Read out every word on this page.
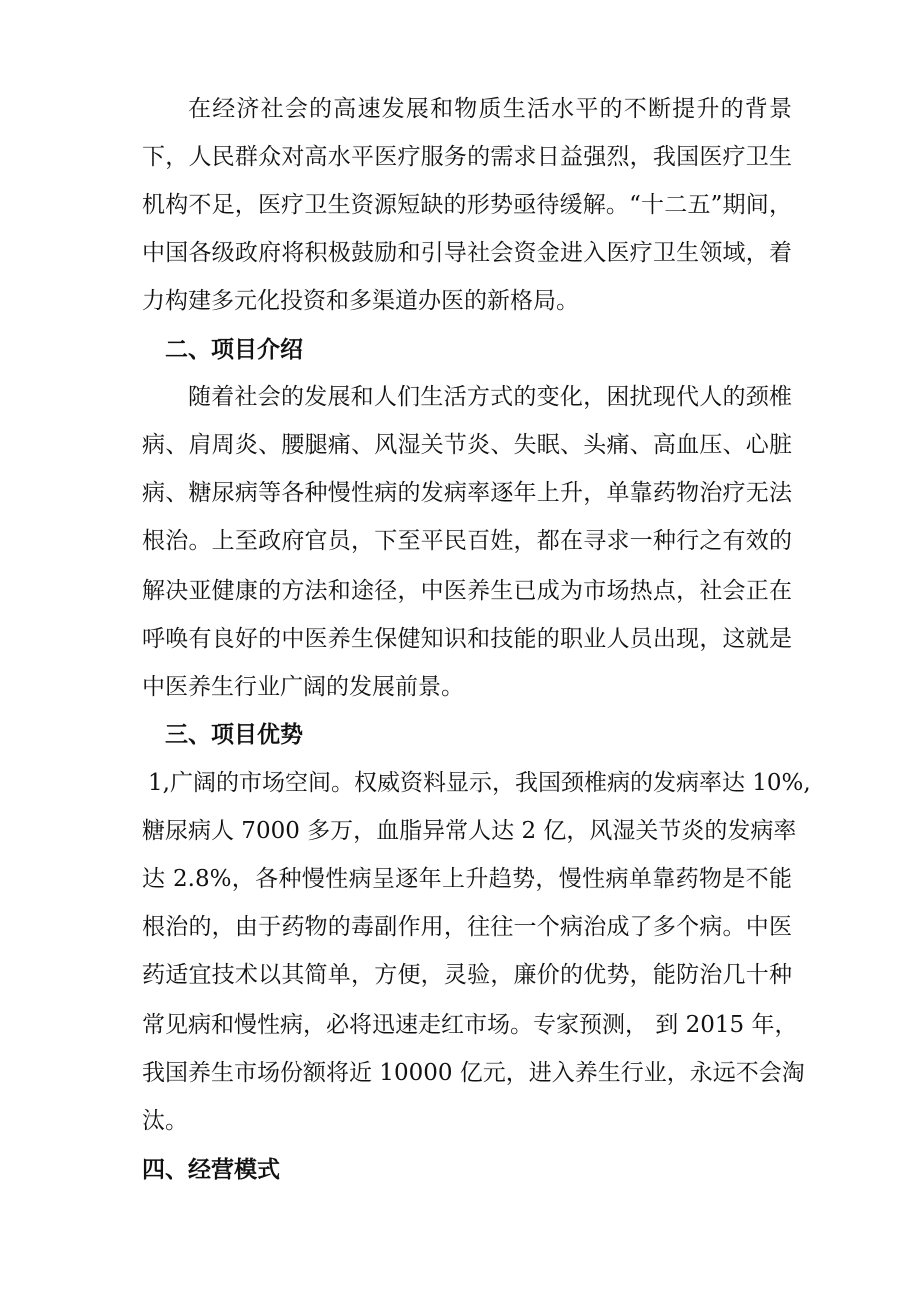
在经济社会的高速发展和物质生活水平的不断提升的背景
下，人民群众对高水平医疗服务的需求日益强烈，我国医疗卫生
机构不足，医疗卫生资源短缺的形势亟待缓解。“十二五”期间，
中国各级政府将积极鼓励和引导社会资金进入医疗卫生领域，着
力构建多元化投资和多渠道办医的新格局。
二、项目介绍
随着社会的发展和人们生活方式的变化，困扰现代人的颈椎
病、肩周炎、腰腿痛、风湿关节炎、失眠、头痛、高血压、心脏
病、糖尿病等各种慢性病的发病率逐年上升，单靠药物治疗无法
根治。上至政府官员，下至平民百姓，都在寻求一种行之有效的
解决亚健康的方法和途径，中医养生已成为市场热点，社会正在
呼唤有良好的中医养生保健知识和技能的职业人员出现，这就是
中医养生行业广阔的发展前景。
三、项目优势
1,广阔的市场空间。权威资料显示，我国颈椎病的发病率达 10%,
糖尿病人 7000 多万，血脂异常人达 2 亿，风湿关节炎的发病率
达 2.8%，各种慢性病呈逐年上升趋势，慢性病单靠药物是不能
根治的，由于药物的毒副作用，往往一个病治成了多个病。中医
药适宜技术以其简单，方便，灵验，廉价的优势，能防治几十种
常见病和慢性病，必将迅速走红市场。专家预测， 到 2015 年，
我国养生市场份额将近 10000 亿元，进入养生行业，永远不会淘
汰。
四、经营模式
